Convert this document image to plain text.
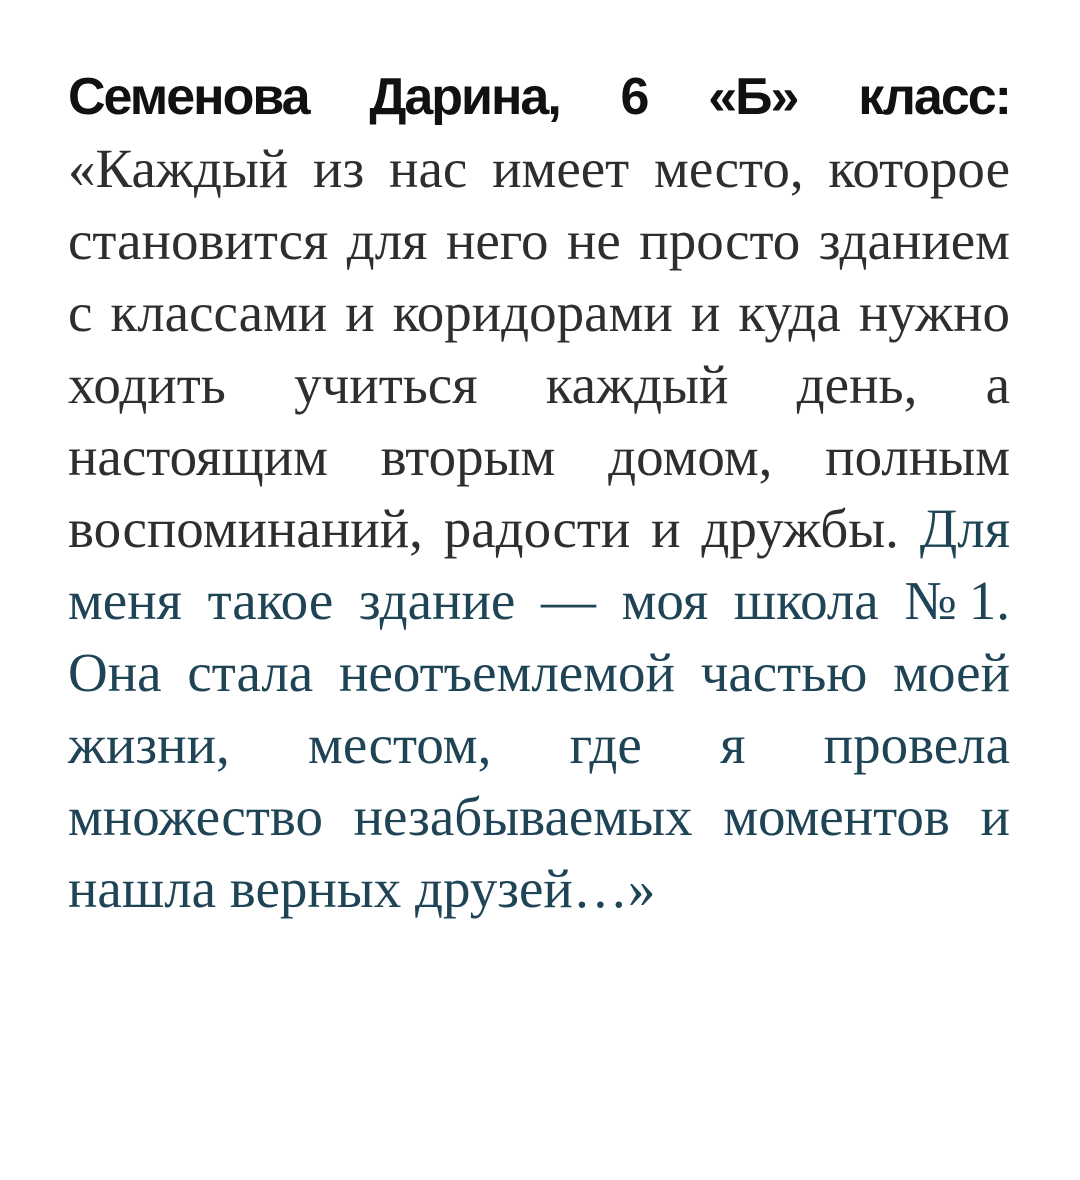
Семенова Дарина, 6 «Б» класс: «Каждый из нас имеет место, которое становится для него не просто зданием с классами и коридорами и куда нужно ходить учиться каждый день, а настоящим вторым домом, полным воспоминаний, радости и дружбы. Для меня такое здание — моя школа №1. Она стала неотъемлемой частью моей жизни, местом, где я провела множество незабываемых моментов и нашла верных друзей…»
